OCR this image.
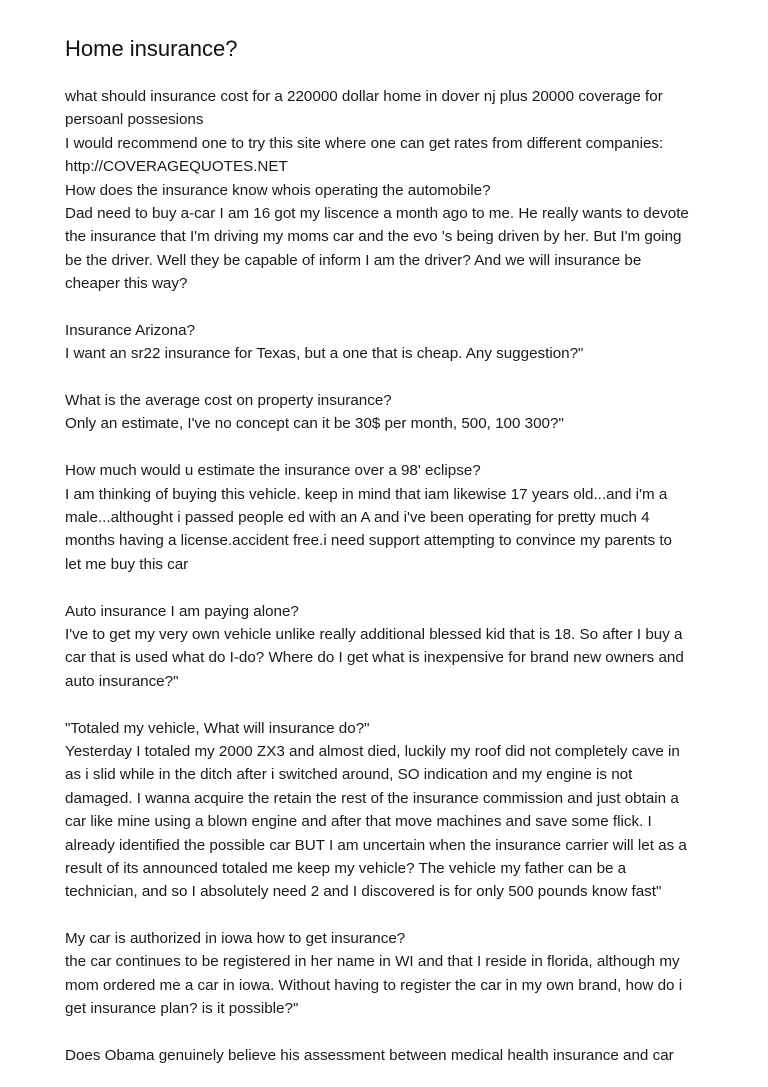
Home insurance?
what should insurance cost for a 220000 dollar home in dover nj plus 20000 coverage for
persoanl possesions
I would recommend one to try this site where one can get rates from different companies:
http://COVERAGEQUOTES.NET
How does the insurance know whois operating the automobile?
Dad need to buy a-car I am 16 got my liscence a month ago to me. He really wants to devote
the insurance that I'm driving my moms car and the evo 's being driven by her. But I'm going
be the driver. Well they be capable of inform I am the driver? And we will insurance be
cheaper this way?
Insurance Arizona?
I want an sr22 insurance for Texas, but a one that is cheap. Any suggestion?"
What is the average cost on property insurance?
Only an estimate, I've no concept can it be 30$ per month, 500, 100 300?"
How much would u estimate the insurance over a 98' eclipse?
I am thinking of buying this vehicle. keep in mind that iam likewise 17 years old...and i'm a
male...althought i passed people ed with an A and i've been operating for pretty much 4
months having a license.accident free.i need support attempting to convince my parents to
let me buy this car
Auto insurance I am paying alone?
I've to get my very own vehicle unlike really additional blessed kid that is 18. So after I buy a
car that is used what do I-do? Where do I get what is inexpensive for brand new owners and
auto insurance?"
"Totaled my vehicle, What will insurance do?"
Yesterday I totaled my 2000 ZX3 and almost died, luckily my roof did not completely cave in
as i slid while in the ditch after i switched around, SO indication and my engine is not
damaged. I wanna acquire the retain the rest of the insurance commission and just obtain a
car like mine using a blown engine and after that move machines and save some flick. I
already identified the possible car BUT I am uncertain when the insurance carrier will let as a
result of its announced totaled me keep my vehicle? The vehicle my father can be a
technician, and so I absolutely need 2 and I discovered is for only 500 pounds know fast"
My car is authorized in iowa how to get insurance?
the car continues to be registered in her name in WI and that I reside in florida, although my
mom ordered me a car in iowa. Without having to register the car in my own brand, how do i
get insurance plan? is it possible?"
Does Obama genuinely believe his assessment between medical health insurance and car
